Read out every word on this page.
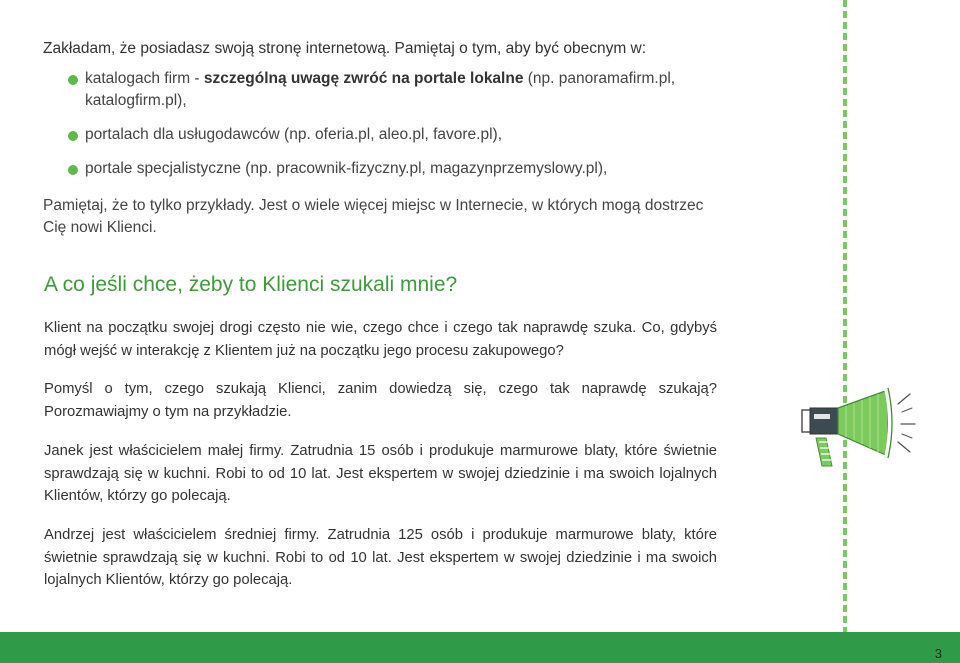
Zakładam, że posiadasz swoją stronę internetową. Pamiętaj o tym, aby być obecnym w:

katalogach firm - szczególną uwagę zwróć na portale lokalne (np. panoramafirm.pl, katalogfirm.pl),
portalach dla usługodawców (np. oferia.pl, aleo.pl, favore.pl),
portale specjalistyczne (np. pracownik-fizyczny.pl, magazynprzemyslowy.pl),

Pamiętaj, że to tylko przykłady. Jest o wiele więcej miejsc w Internecie, w których mogą dostrzec Cię nowi Klienci.

A co jeśli chce, żeby to Klienci szukali mnie?

Klient na początku swojej drogi często nie wie, czego chce i czego tak naprawdę szuka. Co, gdybyś mógł wejść w interakcję z Klientem już na początku jego procesu zakupowego?

Pomyśl o tym, czego szukają Klienci, zanim dowiedzą się, czego tak naprawdę szukają? Porozmawiajmy o tym na przykładzie.

Janek jest właścicielem małej firmy. Zatrudnia 15 osób i produkuje marmurowe blaty, które świetnie sprawdzają się w kuchni. Robi to od 10 lat. Jest ekspertem w swojej dziedzinie i ma swoich lojalnych Klientów, którzy go polecają.

Andrzej jest właścicielem średniej firmy. Zatrudnia 125 osób i produkuje marmurowe blaty, które świetnie sprawdzają się w kuchni. Robi to od 10 lat. Jest ekspertem w swojej dziedzinie i ma swoich lojalnych Klientów, którzy go polecają.

3
